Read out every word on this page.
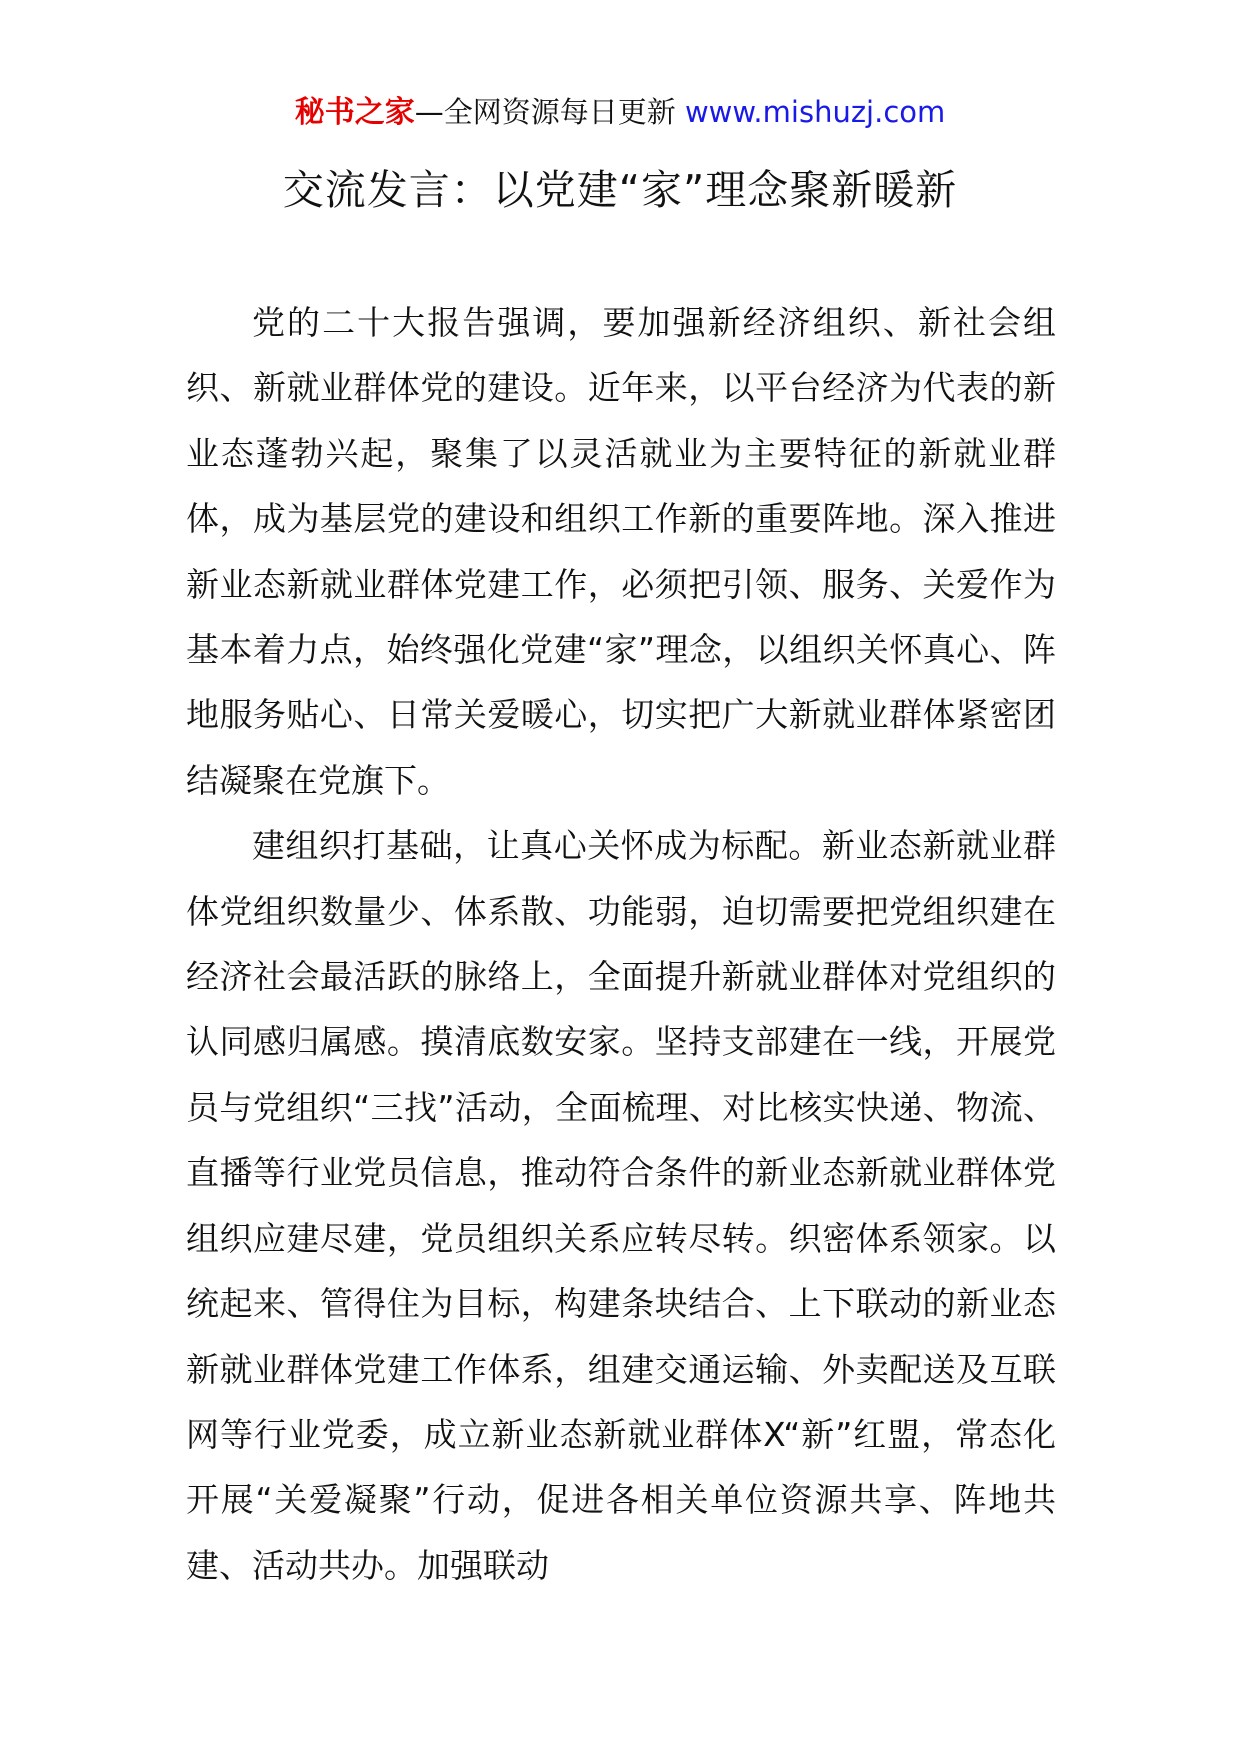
秘书之家—全网资源每日更新 www.mishuzj.com
交流发言：以党建“家”理念聚新暖新

党的二十大报告强调，要加强新经济组织、新社会组织、新就业群体党的建设。近年来，以平台经济为代表的新业态蓬勃兴起，聚集了以灵活就业为主要特征的新就业群体，成为基层党的建设和组织工作新的重要阵地。深入推进新业态新就业群体党建工作，必须把引领、服务、关爱作为基本着力点，始终强化党建“家”理念，以组织关怀真心、阵地服务贴心、日常关爱暖心，切实把广大新就业群体紧密团结凝聚在党旗下。

建组织打基础，让真心关怀成为标配。新业态新就业群体党组织数量少、体系散、功能弱，迫切需要把党组织建在经济社会最活跃的脉络上，全面提升新就业群体对党组织的认同感归属感。摸清底数安家。坚持支部建在一线，开展党员与党组织“三找”活动，全面梳理、对比核实快递、物流、直播等行业党员信息，推动符合条件的新业态新就业群体党组织应建尽建，党员组织关系应转尽转。织密体系领家。以统起来、管得住为目标，构建条块结合、上下联动的新业态新就业群体党建工作体系，组建交通运输、外卖配送及互联网等行业党委，成立新业态新就业群体X“新”红盟，常态化开展“关爱凝聚”行动，促进各相关单位资源共享、阵地共建、活动共办。加强联动
